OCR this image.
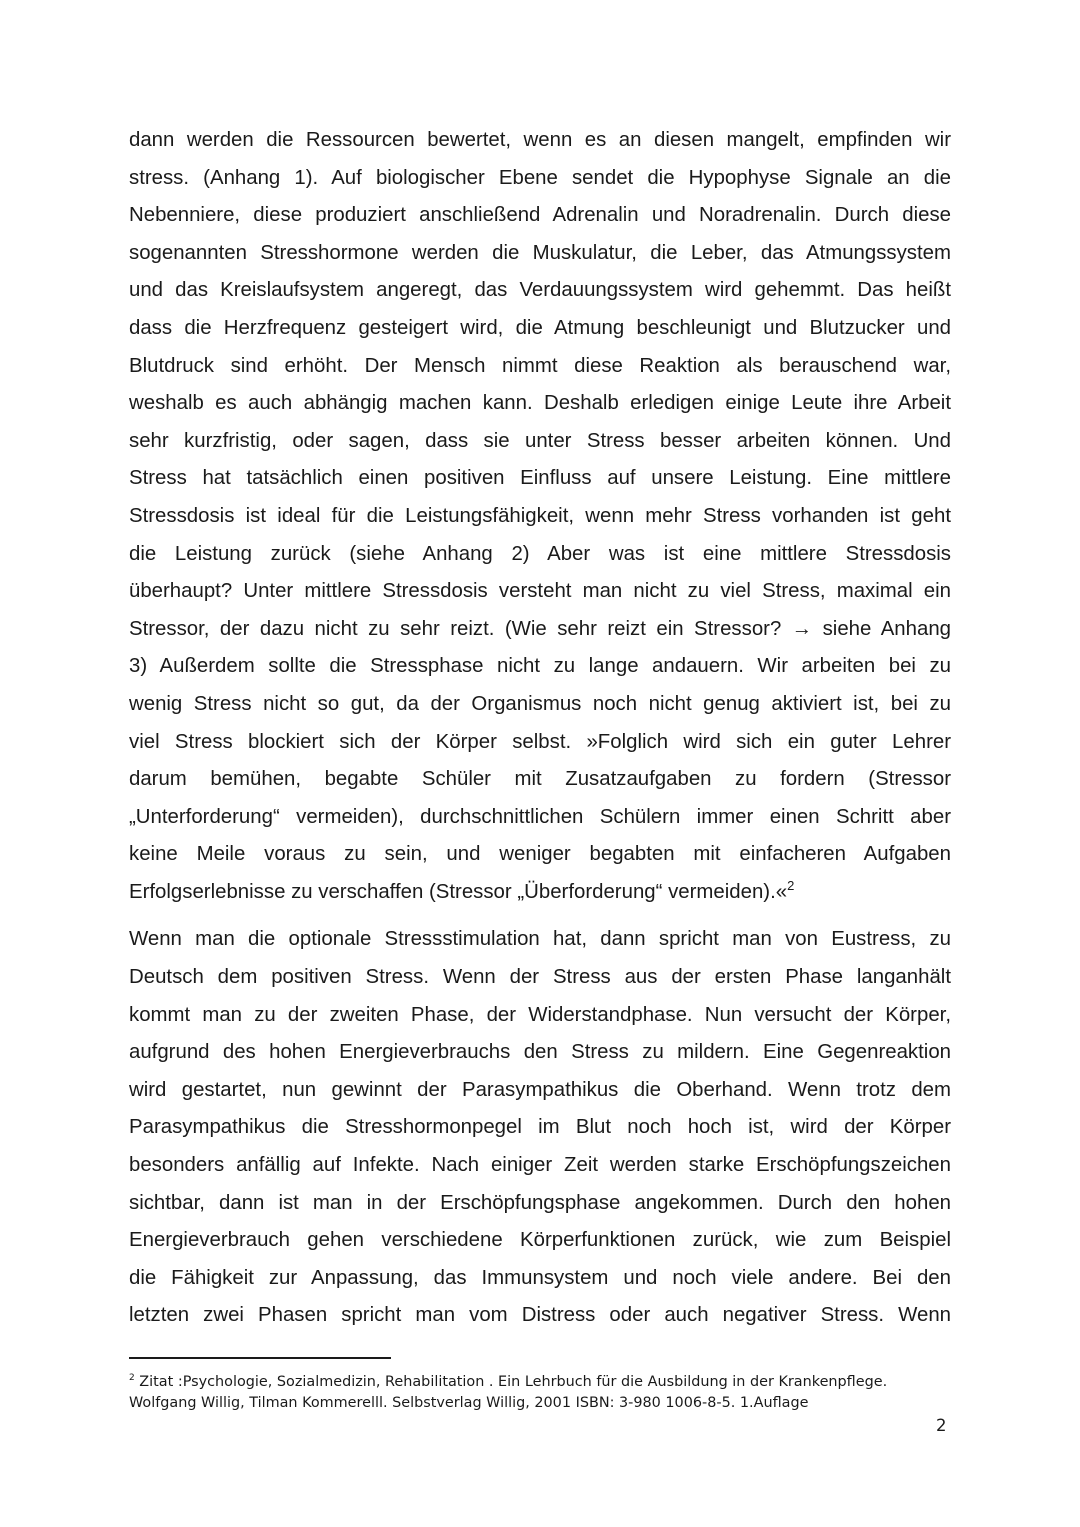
dann werden die Ressourcen bewertet, wenn es an diesen mangelt, empfinden wir
stress. (Anhang 1). Auf biologischer Ebene sendet die Hypophyse Signale an die
Nebenniere, diese produziert anschließend Adrenalin und Noradrenalin. Durch diese
sogenannten Stresshormone werden die Muskulatur, die Leber, das Atmungssystem
und das Kreislaufsystem angeregt, das Verdauungssystem wird gehemmt. Das heißt
dass die Herzfrequenz gesteigert wird, die Atmung beschleunigt und Blutzucker und
Blutdruck sind erhöht. Der Mensch nimmt diese Reaktion als berauschend war,
weshalb es auch abhängig machen kann. Deshalb erledigen einige Leute ihre Arbeit
sehr kurzfristig, oder sagen, dass sie unter Stress besser arbeiten können. Und
Stress hat tatsächlich einen positiven Einfluss auf unsere Leistung. Eine mittlere
Stressdosis ist ideal für die Leistungsfähigkeit, wenn mehr Stress vorhanden ist geht
die Leistung zurück (siehe Anhang 2) Aber was ist eine mittlere Stressdosis
überhaupt? Unter mittlere Stressdosis versteht man nicht zu viel Stress, maximal ein
Stressor, der dazu nicht zu sehr reizt. (Wie sehr reizt ein Stressor? → siehe Anhang
3) Außerdem sollte die Stressphase nicht zu lange andauern. Wir arbeiten bei zu
wenig Stress nicht so gut, da der Organismus noch nicht genug aktiviert ist, bei zu
viel Stress blockiert sich der Körper selbst. »Folglich wird sich ein guter Lehrer
darum bemühen, begabte Schüler mit Zusatzaufgaben zu fordern (Stressor
„Unterforderung“ vermeiden), durchschnittlichen Schülern immer einen Schritt aber
keine Meile voraus zu sein, und weniger begabten mit einfacheren Aufgaben
Erfolgserlebnisse zu verschaffen (Stressor „Überforderung“ vermeiden).«$^2$
Wenn man die optionale Stressstimulation hat, dann spricht man von Eustress, zu
Deutsch dem positiven Stress. Wenn der Stress aus der ersten Phase langanhält
kommt man zu der zweiten Phase, der Widerstandphase. Nun versucht der Körper,
aufgrund des hohen Energieverbrauchs den Stress zu mildern. Eine Gegenreaktion
wird gestartet, nun gewinnt der Parasympathikus die Oberhand. Wenn trotz dem
Parasympathikus die Stresshormonpegel im Blut noch hoch ist, wird der Körper
besonders anfällig auf Infekte. Nach einiger Zeit werden starke Erschöpfungszeichen
sichtbar, dann ist man in der Erschöpfungsphase angekommen. Durch den hohen
Energieverbrauch gehen verschiedene Körperfunktionen zurück, wie zum Beispiel
die Fähigkeit zur Anpassung, das Immunsystem und noch viele andere. Bei den
letzten zwei Phasen spricht man vom Distress oder auch negativer Stress. Wenn
$^2$ Zitat :Psychologie, Sozialmedizin, Rehabilitation . Ein Lehrbuch für die Ausbildung in der Krankenpflege.
Wolfgang Willig, Tilman Kommerelll. Selbstverlag Willig, 2001 ISBN: 3-980 1006-8-5. 1.Auflage
2
